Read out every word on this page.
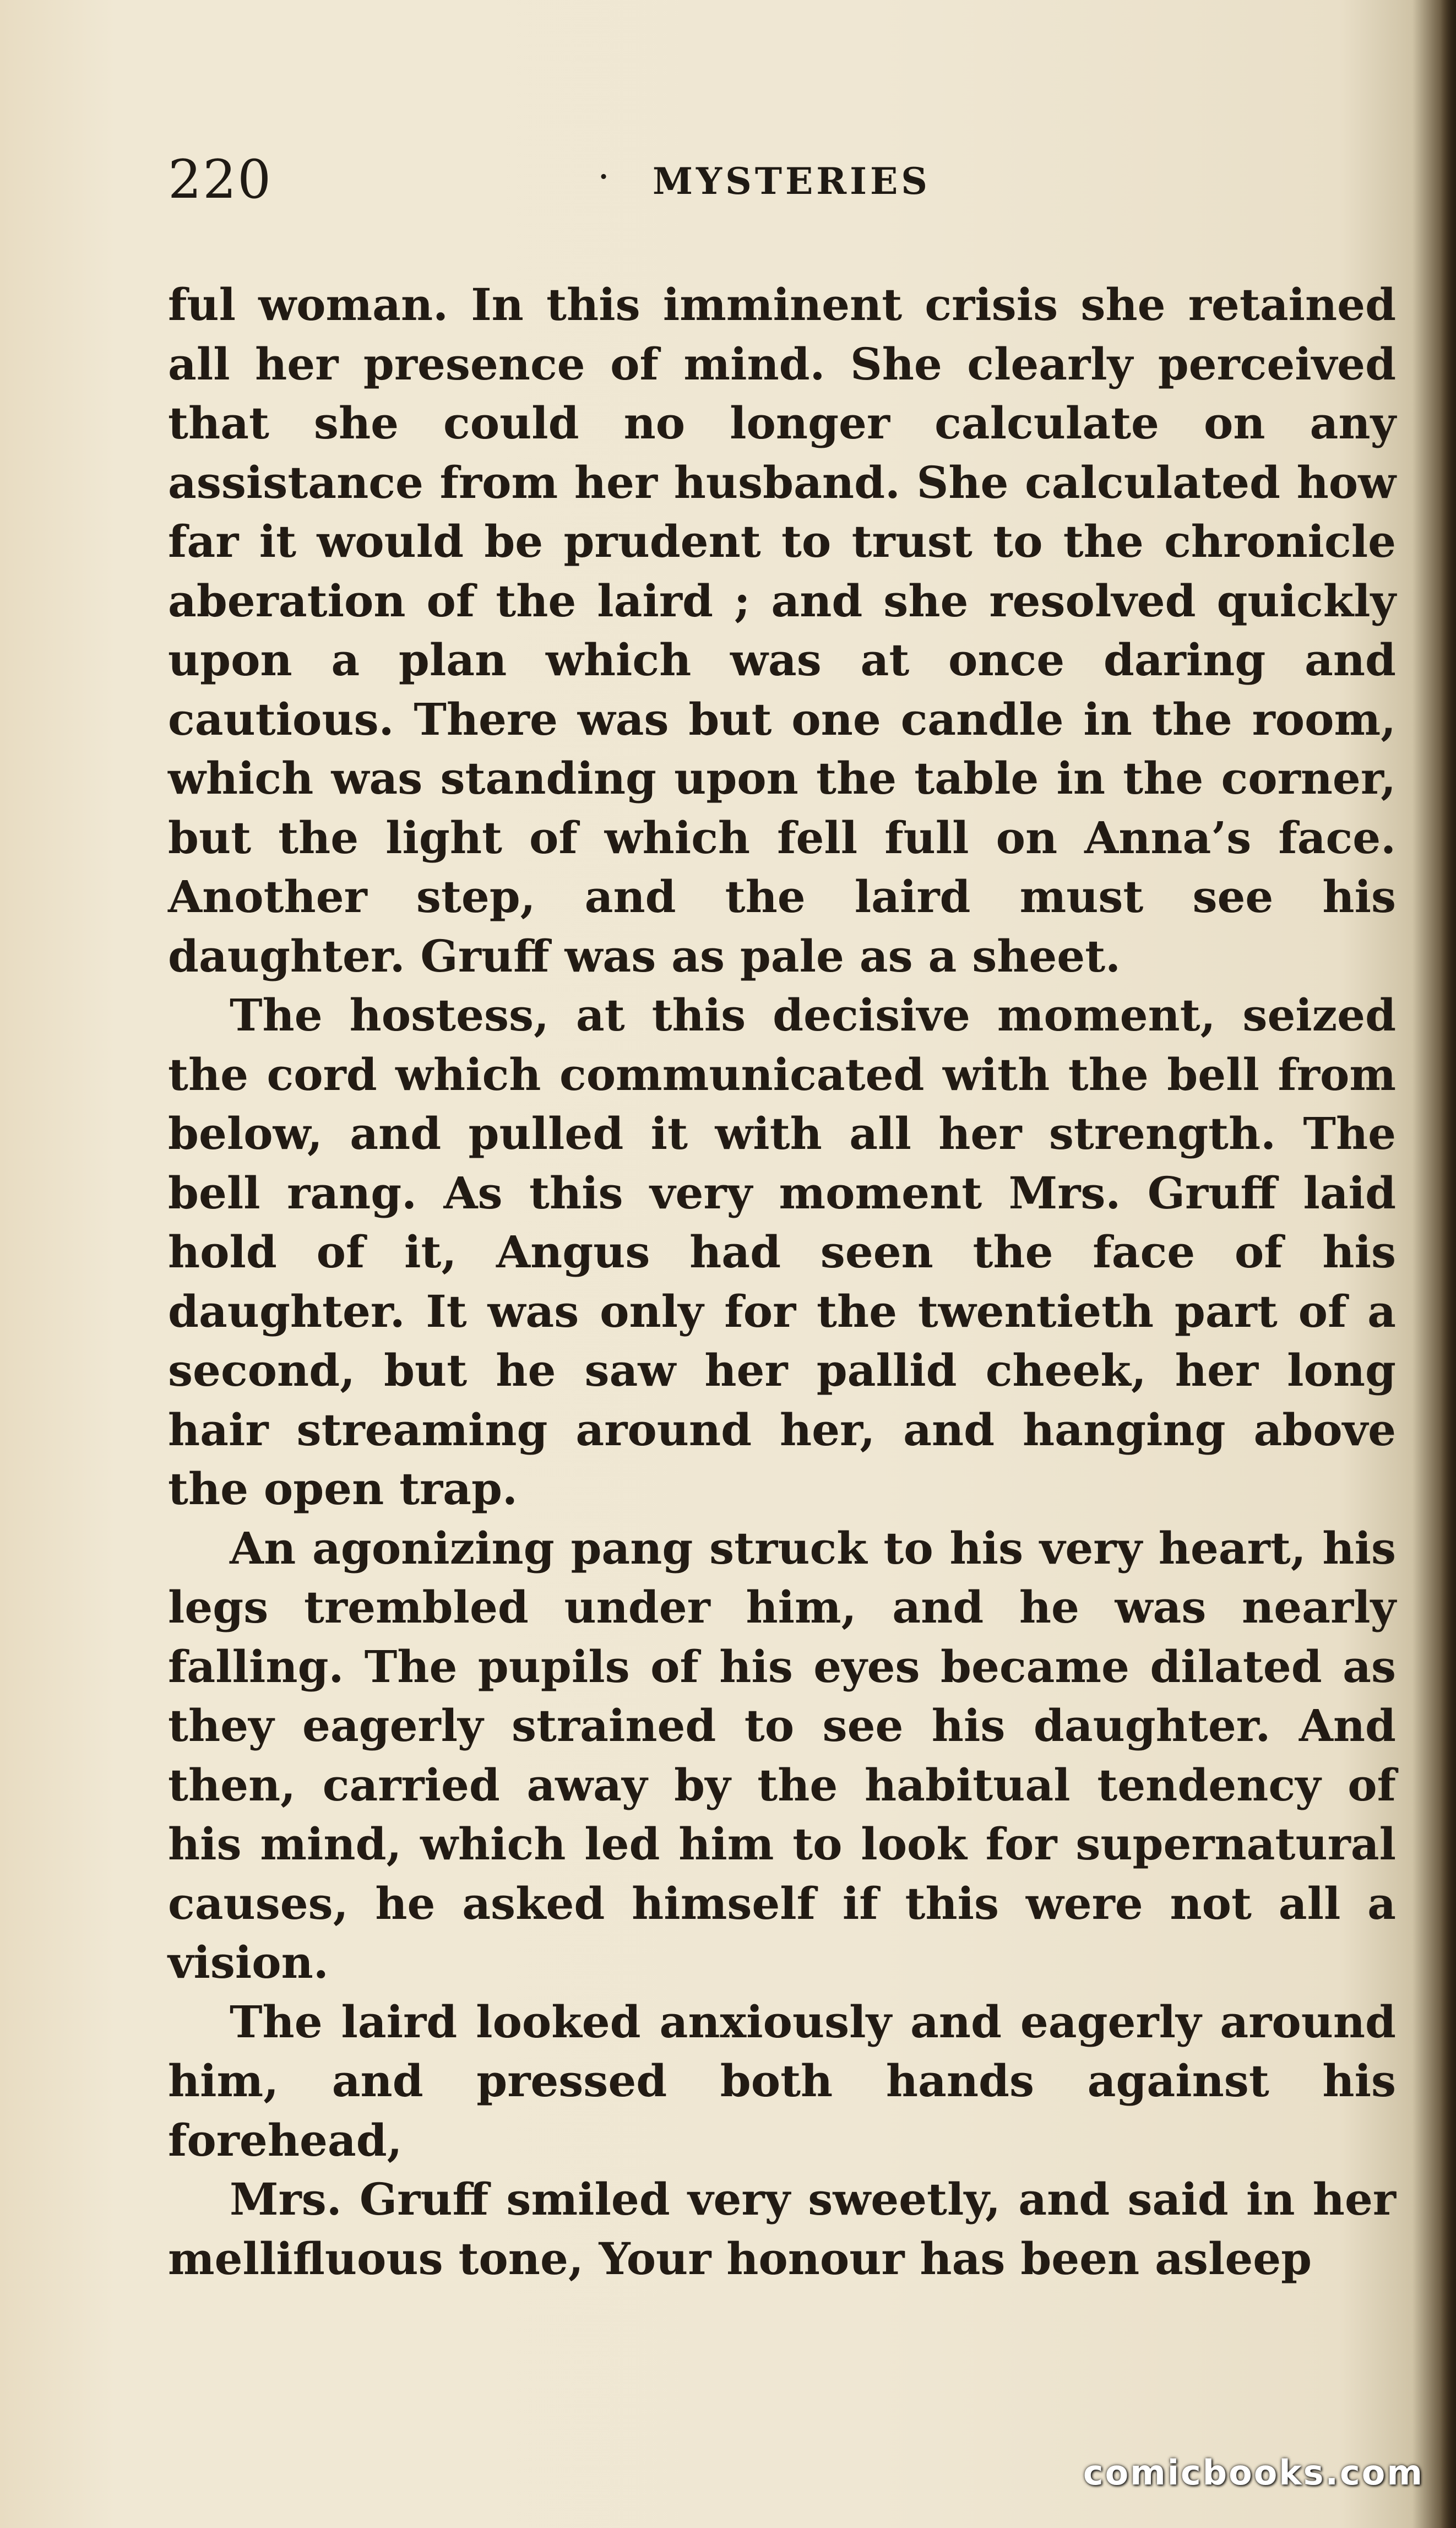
220	· MYSTERIES

ful woman. In this imminent crisis she retained all her presence of mind. She clearly perceived that she could no longer calculate on any assistance from her husband. She calculated how far it would be prudent to trust to the chronicle aberation of the laird ; and she resolved quickly upon a plan which was at once daring and cautious. There was but one candle in the room, which was standing upon the table in the corner, but the light of which fell full on Anna’s face. Another step, and the laird must see his daughter. Gruff was as pale as a sheet.

The hostess, at this decisive moment, seized the cord which communicated with the bell from below, and pulled it with all her strength. The bell rang. As this very moment Mrs. Gruff laid hold of it, Angus had seen the face of his daughter. It was only for the twentieth part of a second, but he saw her pallid cheek, her long hair streaming around her, and hanging above the open trap.

An agonizing pang struck to his very heart, his legs trembled under him, and he was nearly falling. The pupils of his eyes became dilated as they eagerly strained to see his daughter. And then, carried away by the habitual tendency of his mind, which led him to look for supernatural causes, he asked himself if this were not all a vision.

The laird looked anxiously and eagerly around him, and pressed both hands against his forehead,

Mrs. Gruff smiled very sweetly, and said in her mellifluous tone, Your honour has been asleep

comicbooks.com
